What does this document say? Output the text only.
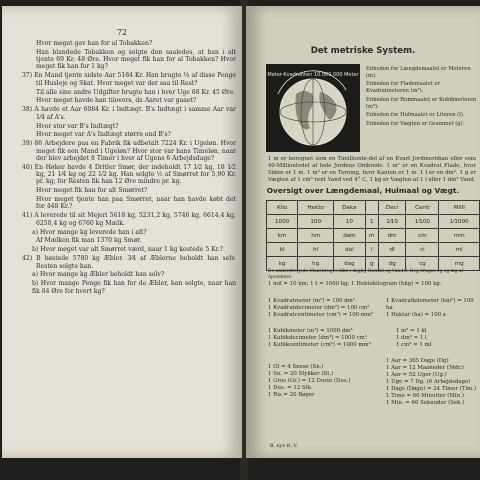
72

Hvor meget gav han for al Tobakken?

Han blandede Tobakken og solgte den saaledes, at han i alt tjente 69 Kr. 48 Øre. Hvor meget fik han for al Tobakken? Hvor meget fik han for 1 kg?

37) En Mand tjente sidste Aar 5184 Kr. Han brugte ⅓ af disse Penge til Husleje og Skat. Hvor meget var der saa til Rest?

Til alle sine andre Udgifter brugte han i hver Uge 68 Kr. 45 Øre.

Hvor meget havde han tilovers, da Aaret var gaaet?

38) A havde et Aar 6084 Kr. i Indtægt. B's Indtægt i samme Aar var 1⁄4 af A's.

Hvor stor var B's Indtægt?

Hvor meget var A's Indtægt større end B's?

39) 86 Arbejdere paa en Fabrik fik udbetalt 7224 Kr. i Ugeløn. Hvor meget fik een Mand i Ugeløn? Hvor stor var hans Timeløn, naar der blev arbejdet 8 Timer i hver af Ugens 6 Arbejdsdage?

40) En Høker havde 4 Dritler Smør, der indeholdt 17 1⁄2 kg, 18 1⁄2 kg, 21 1⁄4 kg og 22 1⁄2 kg. Han solgte ½ af Smørret for 5,90 Kr. pr. kg; for Resten fik han 12 Øre mindre pr. kg.

Hvor meget fik han for alt Smørret?

Hvor meget tjente han paa Smørret, naar han havde købt det for 448 Kr.?

41) A leverede til sit Mejeri 5618 kg, 5231,2 kg, 5746 kg, 6614,4 kg, 6250,4 kg og 6760 kg Mælk.

a) Hvor mange kg leverede han i alt?

Af Mælken fik man 1370 kg Smør.

b) Hvor meget var alt Smørret værd, naar 1 kg kostede 5 Kr.?

42) B høstede 5780 kg Æbler. 3⁄4 af Æblerne beholdt han selv. Resten solgte han.

a) Hvor mange kg Æbler beholdt han selv?

b) Hvor mange Penge fik han for de Æbler, han solgte, naar han fik 84 Øre for hvert kg?

Det metriske System.
Meter-Kvadranten 10.000.000 Meter

Enheden for Længdemaalet er Meteren (m).

Enheden for Flademaalet er Kvadratmeteren (m²).

Enheden for Rummaalet er Kubikmeteren (m³).

Enheden for Hulmaalet er Literen (l).

Enheden for Vægten er Grammet (g).

1 m er beregnet som en Timillionte-del af en Kvart Jordmeridian eller som 40-Milliontedel af hele Jordens Omkreds. 1 m² er en Kvadrat Flade, hvor Siden er 1 m. 1 m³ er en Terning, hvor Kanten er 1 m. 1 l er en dm³. 1 g er Vægten af 1 cm³ rent Vand ved 4° C, 1 kg er Vægten af 1 l eller 1 dm³ Vand.
Oversigt over Længdemaal, Hulmaal og Vægt.
Kilo	Hekto	Deka		Deci	Centi	Milli
1000	100	10	1	1⁄10	1⁄100	1⁄1000
km	hm	dam	m	dm	cm	mm
kl	hl	dal	l	dl	cl	ml
kg	hg	dag	g	dg	cg	mg
De understregede Maal bruges ikke i daglig Handel og Vandel. Dog bruges cg og mg af Apotekere.
1 mil = 10 km; 1 t = 1000 kg; 1 Hektokilogram (hkg) = 100 kg.

1 Kvadratmeter (m²) = 100 dm²

1 Kvadratdecimeter (dm²) = 100 cm²

1 Kvadratcentimeter (cm²) = 100 mm²

1 Kvadratkilometer (km²) = 100 ha

1 Hektar (ha) = 100 a

1 Kubikmeter (m³) = 1000 dm³

1 Kubikdecimeter (dm³) = 1000 cm³

1 Kubikcentimeter (cm³) = 1000 mm³

1 m³ = 1 kl

1 dm³ = 1 l

1 cm³ = 1 ml

1 Ol = 4 Snese (Sn.)

1 Sn. = 20 Stykker (St.)

1 Gros (Gr.) = 12 Dusin (Dus.)

1 Dus. = 12 Stk.

1 Ris = 20 Bøger

1 Aar = 365 Dage (Dg)

1 Aar = 12 Maaneder (Mdr.)

1 Aar = 52 Uger (Ug.)

1 Uge = 7 Dg. (6 Arbejdsdage)

1 Dags (Døgn) = 24 Timer (Tim.)

1 Time = 60 Minutter (Min.)

1 Min. = 60 Sekunder (Sek.)

B. nye R. V.
